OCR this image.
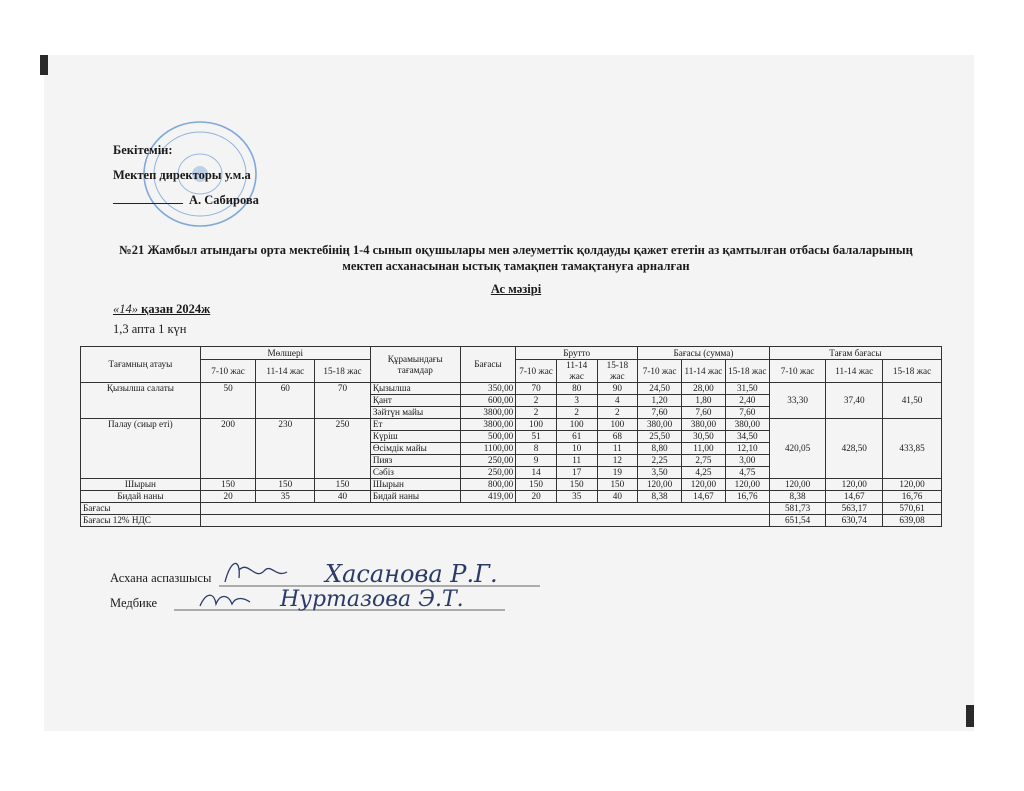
Бекітемін:
Мектеп директоры у.м.а
А. Сабирова
№21 Жамбыл атындағы орта мектебінің 1-4 сынып оқушылары мен әлеуметтік қолдауды қажет ететін аз қамтылған отбасы балаларының
мектеп асханасынан ыстық тамақпен тамақтануға арналған
Ас мәзірі
«14» қазан 2024ж
1,3 апта 1 күн
Тағамның атауы	Мөлшері			Құрамындағы тағамдар	Бағасы	Брутто			Бағасы (сумма)			Тағам бағасы		
	7-10 жас	11-14 жас	15-18 жас			7-10 жас	11-14 жас	15-18 жас	7-10 жас	11-14 жас	15-18 жас	7-10 жас	11-14 жас	15-18 жас
Қызылша салаты	50	60	70	Қызылша	350,00	70	80	90	24,50	28,00	31,50	33,30	37,40	41,50
				Қант	600,00	2	3	4	1,20	1,80	2,40			
				Зәйтүн майы	3800,00	2	2	2	7,60	7,60	7,60			
Палау (сиыр еті)	200	230	250	Ет	3800,00	100	100	100	380,00	380,00	380,00	420,05	428,50	433,85
				Күріш	500,00	51	61	68	25,50	30,50	34,50			
				Өсімдік майы	1100,00	8	10	11	8,80	11,00	12,10			
				Пияз	250,00	9	11	12	2,25	2,75	3,00			
				Сәбіз	250,00	14	17	19	3,50	4,25	4,75			
Шырын	150	150	150	Шырын	800,00	150	150	150	120,00	120,00	120,00	120,00	120,00	120,00
Бидай наны	20	35	40	Бидай наны	419,00	20	35	40	8,38	14,67	16,76	8,38	14,67	16,76
Бағасы												581,73	563,17	570,61
Бағасы 12% НДС												651,54	630,74	639,08
Асхана аспазшысы	Хасанова Р.Г.
Медбике	Нуртазова Э.Т.
